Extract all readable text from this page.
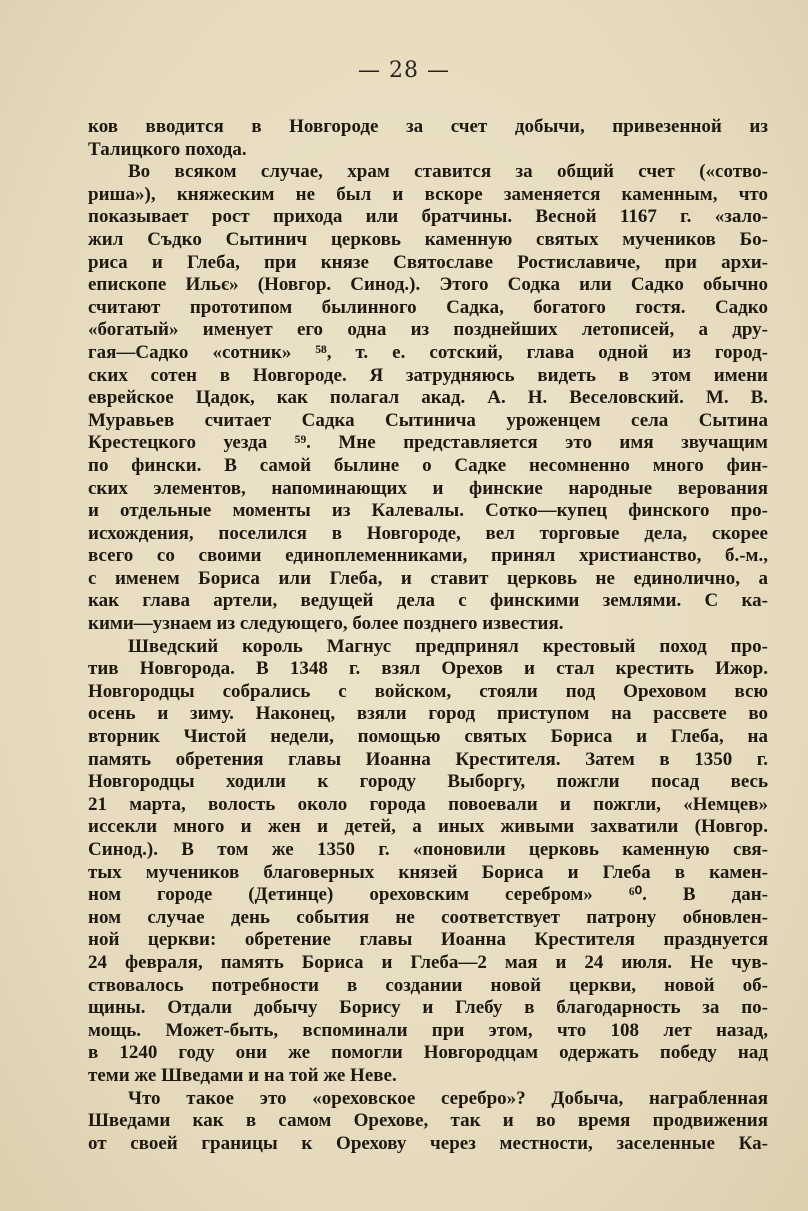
— 28 —
ков вводится в Новгороде за счет добычи, привезенной из
Талицкого похода.
Во всяком случае, храм ставится за общий счет («сотво-
риша»), княжеским не был и вскоре заменяется каменным, что
показывает рост прихода или братчины. Весной 1167 г. «зало-
жил Съдко Сытинич церковь каменную святых мучеников Бо-
риса и Глеба, при князе Святославе Ростиславиче, при архи-
епископе Ильє» (Новгор. Синод.). Этого Содка или Садко обычно
считают прототипом былинного Садка, богатого гостя. Садко
«богатый» именует его одна из позднейших летописей, а дру-
гая—Садко «сотник» ⁵⁸, т. е. сотский, глава одной из город-
ских сотен в Новгороде. Я затрудняюсь видеть в этом имени
еврейское Цадок, как полагал акад. А. Н. Веселовский. М. В.
Муравьев считает Садка Сытинича уроженцем села Сытина
Крестецкого уезда ⁵⁹. Мне представляется это имя звучащим
по фински. В самой былине о Садке несомненно много фин-
ских элементов, напоминающих и финские народные верования
и отдельные моменты из Калевалы. Сотко—купец финского про-
исхождения, поселился в Новгороде, вел торговые дела, скорее
всего со своими единоплеменниками, принял христианство, б.-м.,
с именем Бориса или Глеба, и ставит церковь не единолично, а
как глава артели, ведущей дела с финскими землями. С ка-
кими—узнаем из следующего, более позднего известия.
Шведский король Магнус предпринял крестовый поход про-
тив Новгорода. В 1348 г. взял Орехов и стал крестить Ижор.
Новгородцы собрались с войском, стояли под Ореховом всю
осень и зиму. Наконец, взяли город приступом на рассвете во
вторник Чистой недели, помощью святых Бориса и Глеба, на
память обретения главы Иоанна Крестителя. Затем в 1350 г.
Новгородцы ходили к городу Выборгу, пожгли посад весь
21 марта, волость около города повоевали и пожгли, «Немцев»
иссекли много и жен и детей, а иных живыми захватили (Новгор.
Синод.). В том же 1350 г. «поновили церковь каменную свя-
тых мучеников благоверных князей Бориса и Глеба в камен-
ном городе (Детинце) ореховским серебром» ⁶⁰. В дан-
ном случае день события не соответствует патрону обновлен-
ной церкви: обретение главы Иоанна Крестителя празднуется
24 февраля, память Бориса и Глеба—2 мая и 24 июля. Не чув-
ствовалось потребности в создании новой церкви, новой об-
щины. Отдали добычу Борису и Глебу в благодарность за по-
мощь. Может-быть, вспоминали при этом, что 108 лет назад,
в 1240 году они же помогли Новгородцам одержать победу над
теми же Шведами и на той же Неве.
Что такое это «ореховское серебро»? Добыча, награбленная
Шведами как в самом Орехове, так и во время продвижения
от своей границы к Орехову через местности, заселенные Ка-
